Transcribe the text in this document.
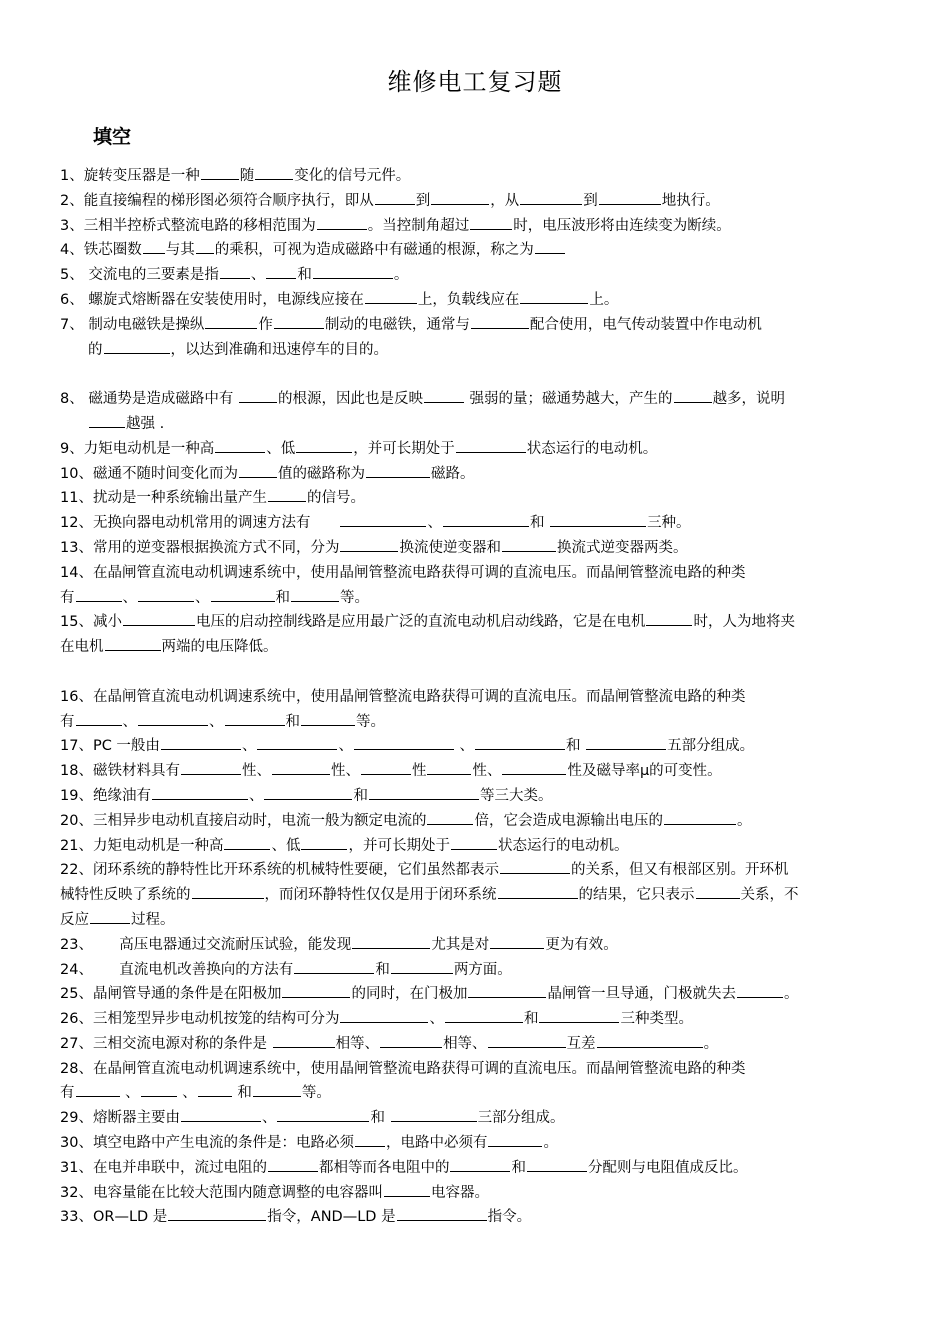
维修电工复习题
填空
1、旋转变压器是一种	随	变化的信号元件。
2、能直接编程的梯形图必须符合顺序执行，即从	到	，从	到	地执行。
3、三相半控桥式整流电路的移相范围为	。当控制角超过	时，电压波形将由连续变为断续。
4、铁芯圈数 与其 的乘积，可视为造成磁路中有磁通的根源，称之为
5、 交流电的三要素是指 、 和	。
6、 螺旋式熔断器在安装使用时，电源线应接在	上，负载线应在	上。
7、 制动电磁铁是操纵	作	制动的电磁铁，通常与	配合使用，电气传动装置中作电动机
的	，以达到准确和迅速停车的目的。
8、 磁通势是造成磁路中有	的根源，因此也是反映	强弱的量；磁通势越大，产生的	越多，说明
越强 .
9、力矩电动机是一种高	、低	，并可长期处于	状态运行的电动机。
10、磁通不随时间变化而为	值的磁路称为	磁路。
11、扰动是一种系统输出量产生	的信号。
12、无换向器电动机常用的调速方法有　　	、	和	三种。
13、常用的逆变器根据换流方式不同，分为	换流使逆变器和	换流式逆变器两类。
14、在晶闸管直流电动机调速系统中，使用晶闸管整流电路获得可调的直流电压。而晶闸管整流电路的种类
有	、	、	和	等。
15、减小	电压的启动控制线路是应用最广泛的直流电动机启动线路，它是在电机	时，人为地将夹
在电机	两端的电压降低。
16、在晶闸管直流电动机调速系统中，使用晶闸管整流电路获得可调的直流电压。而晶闸管整流电路的种类
有	、	、	和	等。
17、PC 一般由	、	、	、	和	五部分组成。
18、磁铁材料具有	性、	性、	性	性、	性及磁导率μ的可变性。
19、绝缘油有	、	和	等三大类。
20、三相异步电动机直接启动时，电流一般为额定电流的	倍，它会造成电源输出电压的	。
21、力矩电动机是一种高	、低	，并可长期处于	状态运行的电动机。
22、闭环系统的静特性比开环系统的机械特性要硬，它们虽然都表示	的关系，但又有根部区别。开环机
械特性反映了系统的	，而闭环静特性仅仅是用于闭环系统	的结果，它只表示	关系，不
反应	过程。
23、　　 高压电器通过交流耐压试验，能发现	尤其是对	更为有效。
24、　　 直流电机改善换向的方法有	和	两方面。
25、晶闸管导通的条件是在阳极加	的同时，在门极加	晶闸管一旦导通，门极就失去	。
26、三相笼型异步电动机按笼的结构可分为	、	和	三种类型。
27、三相交流电源对称的条件是	相等、	相等、	互差	。
28、在晶闸管直流电动机调速系统中，使用晶闸管整流电路获得可调的直流电压。而晶闸管整流电路的种类
有	、	、 和	等。
29、熔断器主要由	、	和	三部分组成。
30、填空电路中产生电流的条件是：电路必须 ，电路中必须有	。
31、在电并串联中，流过电阻的	都相等而各电阻中的	和	分配则与电阻值成反比。
32、电容量能在比较大范围内随意调整的电容器叫	电容器。
33、OR—LD 是	指令，AND—LD 是	指令。
